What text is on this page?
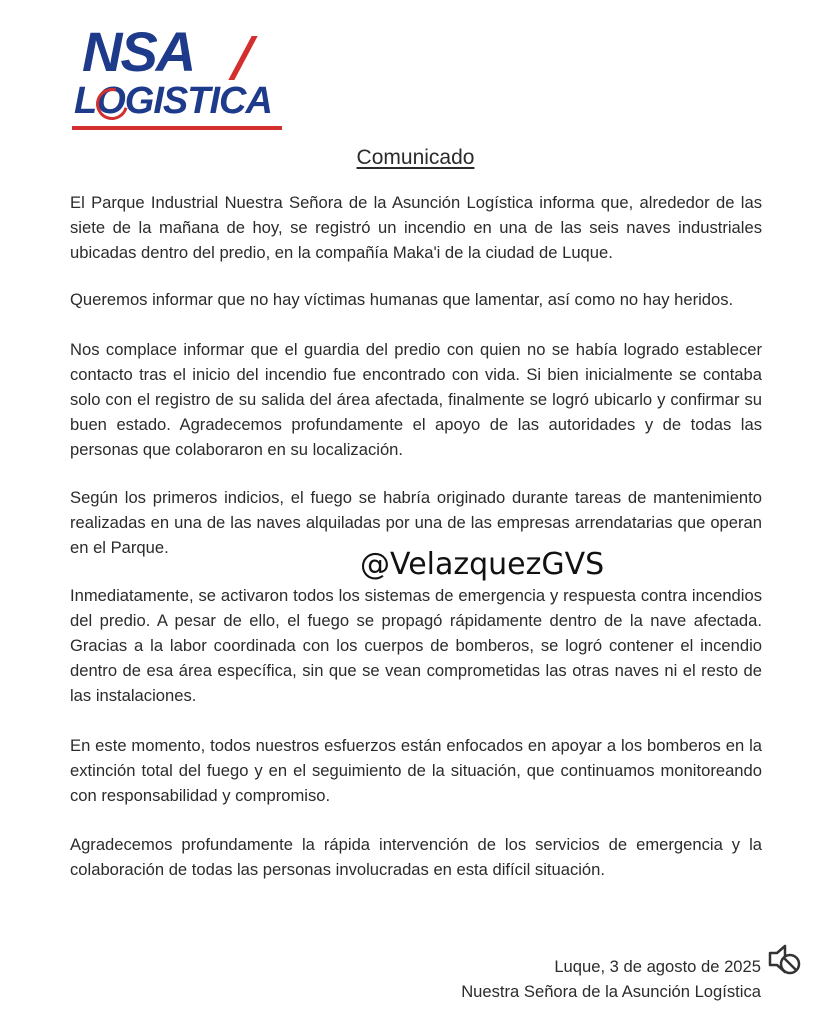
NSA
LOGISTICA
Comunicado

El Parque Industrial Nuestra Señora de la Asunción Logística informa que, alrededor de las siete de la mañana de hoy, se registró un incendio en una de las seis naves industriales ubicadas dentro del predio, en la compañía Maka'i de la ciudad de Luque.

Queremos informar que no hay víctimas humanas que lamentar, así como no hay heridos.

Nos complace informar que el guardia del predio con quien no se había logrado establecer contacto tras el inicio del incendio fue encontrado con vida. Si bien inicialmente se contaba solo con el registro de su salida del área afectada, finalmente se logró ubicarlo y confirmar su buen estado. Agradecemos profundamente el apoyo de las autoridades y de todas las personas que colaboraron en su localización.

Según los primeros indicios, el fuego se habría originado durante tareas de mantenimiento realizadas en una de las naves alquiladas por una de las empresas arrendatarias que operan en el Parque.

Inmediatamente, se activaron todos los sistemas de emergencia y respuesta contra incendios del predio. A pesar de ello, el fuego se propagó rápidamente dentro de la nave afectada. Gracias a la labor coordinada con los cuerpos de bomberos, se logró contener el incendio dentro de esa área específica, sin que se vean comprometidas las otras naves ni el resto de las instalaciones.

En este momento, todos nuestros esfuerzos están enfocados en apoyar a los bomberos en la extinción total del fuego y en el seguimiento de la situación, que continuamos monitoreando con responsabilidad y compromiso.

Agradecemos profundamente la rápida intervención de los servicios de emergencia y la colaboración de todas las personas involucradas en esta difícil situación.

@VelazquezGVS
Luque, 3 de agosto de 2025
Nuestra Señora de la Asunción Logística
